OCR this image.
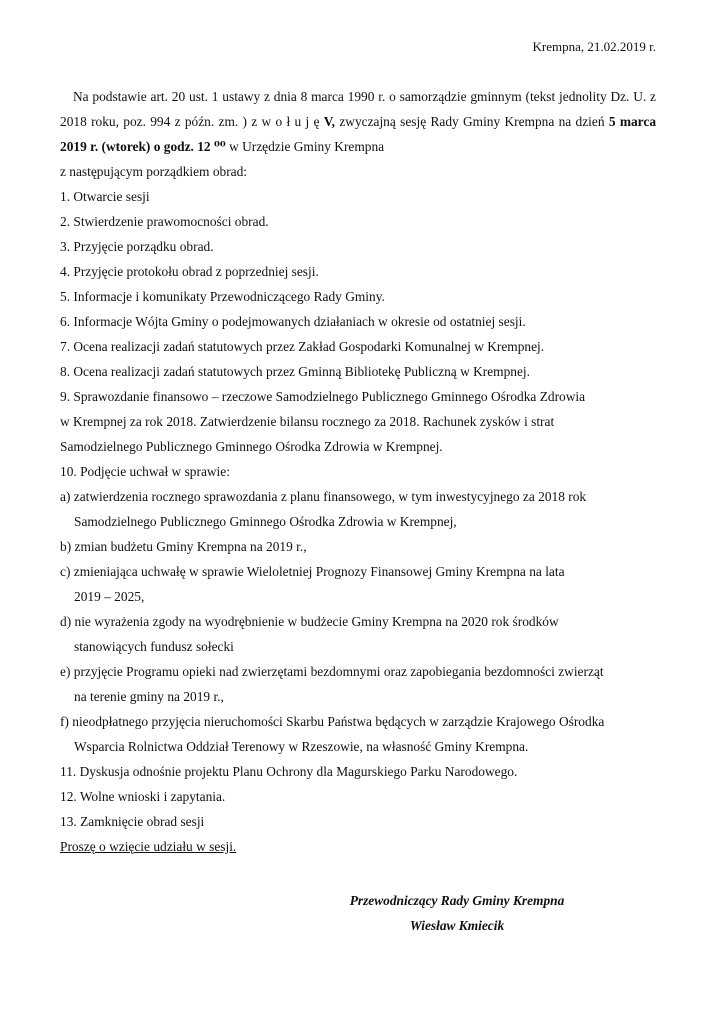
Krempna, 21.02.2019 r.

Na podstawie art. 20 ust. 1 ustawy z dnia 8 marca 1990 r. o samorządzie gminnym (tekst jednolity Dz. U. z 2018 roku, poz. 994 z późn. zm. ) z w o ł u j ę V, zwyczajną sesję Rady Gminy Krempna na dzień 5 marca 2019 r. (wtorek) o godz. 12 ⁰⁰ w Urzędzie Gminy Krempna

z następującym porządkiem obrad:

1. Otwarcie sesji

2. Stwierdzenie prawomocności obrad.

3. Przyjęcie porządku obrad.

4. Przyjęcie protokołu obrad z poprzedniej sesji.

5. Informacje i komunikaty Przewodniczącego Rady Gminy.

6. Informacje Wójta Gminy o podejmowanych działaniach w okresie od ostatniej sesji.

7. Ocena realizacji zadań statutowych przez Zakład Gospodarki Komunalnej w Krempnej.

8. Ocena realizacji zadań statutowych przez Gminną Bibliotekę Publiczną w Krempnej.

9. Sprawozdanie finansowo – rzeczowe Samodzielnego Publicznego Gminnego Ośrodka Zdrowia

w Krempnej za rok 2018. Zatwierdzenie bilansu rocznego za 2018. Rachunek zysków i strat

Samodzielnego Publicznego Gminnego Ośrodka Zdrowia w Krempnej.

10. Podjęcie uchwał w sprawie:

a) zatwierdzenia rocznego sprawozdania z planu finansowego, w tym inwestycyjnego za 2018 rok

Samodzielnego Publicznego Gminnego Ośrodka Zdrowia w Krempnej,

b) zmian budżetu Gminy Krempna na 2019 r.,

c) zmieniająca uchwałę w sprawie Wieloletniej Prognozy Finansowej Gminy Krempna na lata

2019 – 2025,

d) nie wyrażenia zgody na wyodrębnienie w budżecie Gminy Krempna na 2020 rok środków

stanowiących fundusz sołecki

e) przyjęcie Programu opieki nad zwierzętami bezdomnymi oraz zapobiegania bezdomności zwierząt

na terenie gminy na 2019 r.,

f) nieodpłatnego przyjęcia nieruchomości Skarbu Państwa będących w zarządzie Krajowego Ośrodka

Wsparcia Rolnictwa Oddział Terenowy w Rzeszowie, na własność Gminy Krempna.

11. Dyskusja odnośnie projektu Planu Ochrony dla Magurskiego Parku Narodowego.

12. Wolne wnioski i zapytania.

13. Zamknięcie obrad sesji

Proszę o wzięcie udziału w sesji.

Przewodniczący Rady Gminy Krempna
Wiesław Kmiecik
